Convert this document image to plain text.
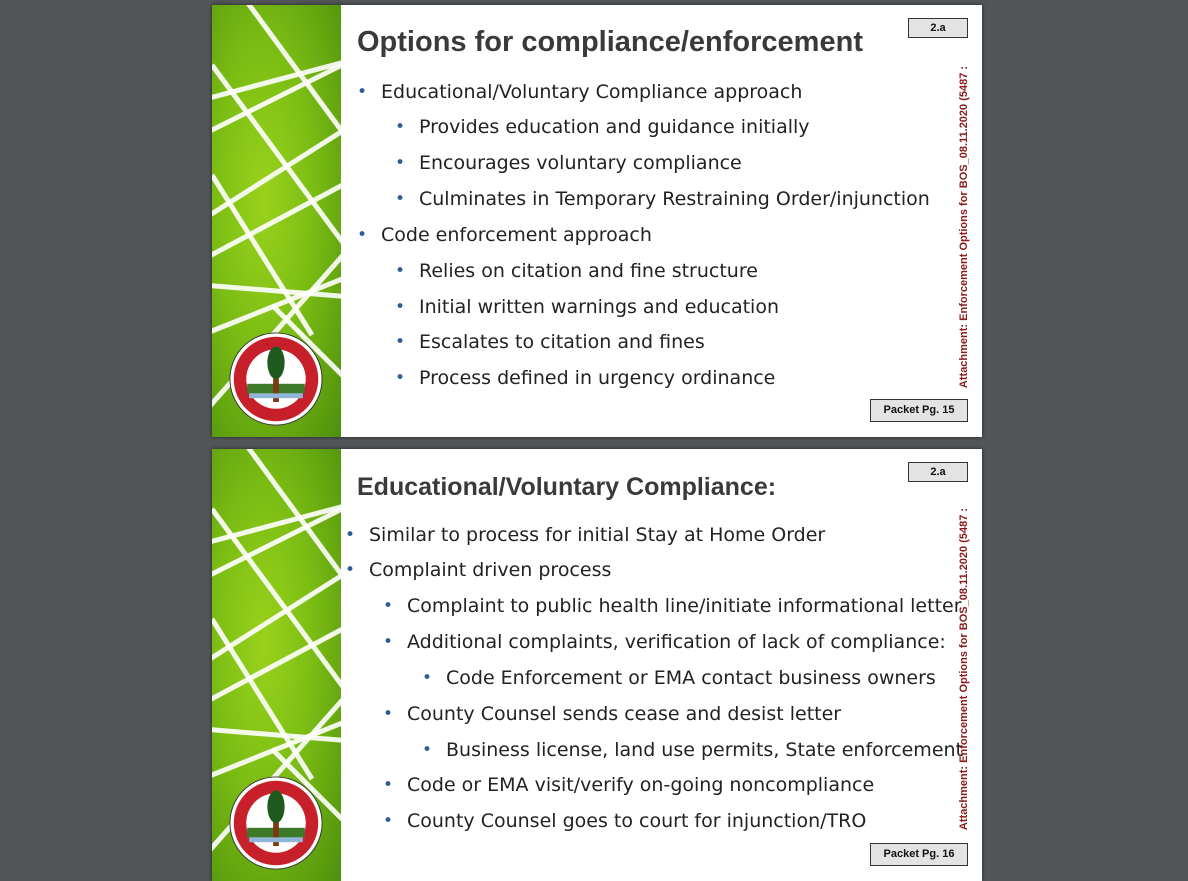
Options for compliance/enforcement
• Educational/Voluntary Compliance approach
• Provides education and guidance initially
• Encourages voluntary compliance
• Culminates in Temporary Restraining Order/injunction
• Code enforcement approach
• Relies on citation and fine structure
• Initial written warnings and education
• Escalates to citation and fines
• Process defined in urgency ordinance
2.a
Attachment: Enforcement Options for BOS_08.11.2020 (5487 :
Packet Pg. 15
Educational/Voluntary Compliance:
• Similar to process for initial Stay at Home Order
• Complaint driven process
• Complaint to public health line/initiate informational letter
• Additional complaints, verification of lack of compliance:
• Code Enforcement or EMA contact business owners
• County Counsel sends cease and desist letter
• Business license, land use permits, State enforcement
• Code or EMA visit/verify on-going noncompliance
• County Counsel goes to court for injunction/TRO
2.a
Attachment: Enforcement Options for BOS_08.11.2020 (5487 :
Packet Pg. 16
